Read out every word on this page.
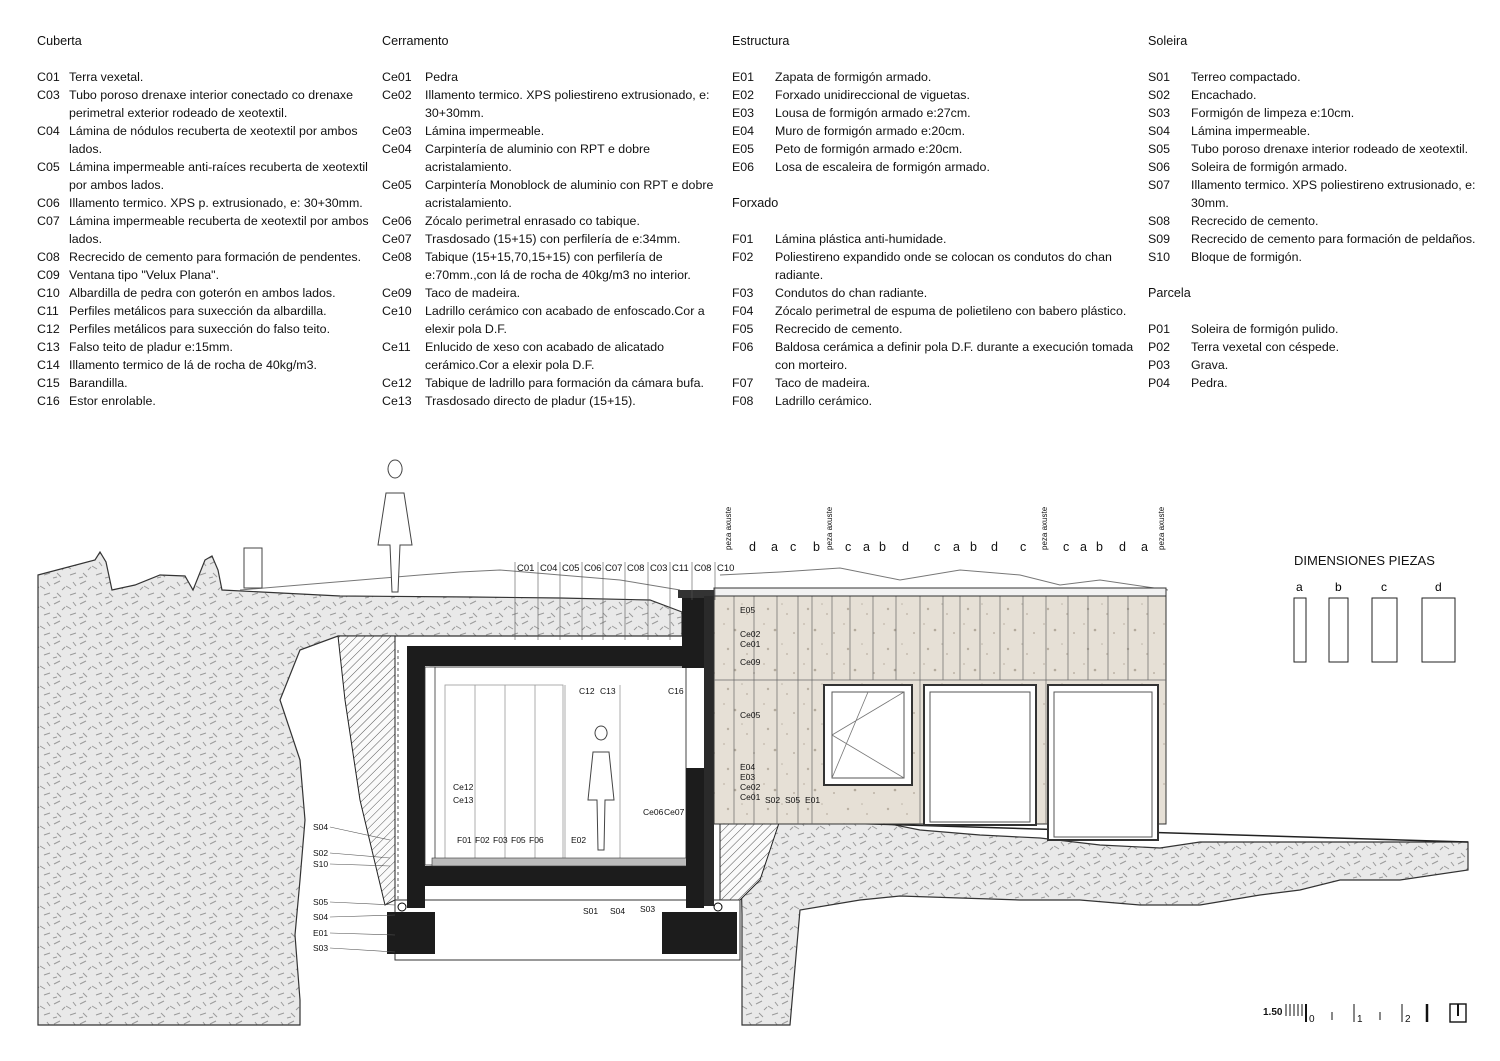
Cuberta
C01 Terra vexetal.
C03 Tubo poroso drenaxe interior conectado co drenaxe perimetral exterior rodeado de xeotextil.
C04 Lámina de nódulos recuberta de xeotextil por ambos lados.
C05 Lámina impermeable anti-raíces recuberta de xeotextil por ambos lados.
C06 Illamento termico. XPS p. extrusionado, e: 30+30mm.
C07 Lámina impermeable recuberta de xeotextil por ambos lados.
C08 Recrecido de cemento para formación de pendentes.
C09 Ventana tipo "Velux Plana".
C10 Albardilla de pedra con goterón en ambos lados.
C11 Perfiles metálicos para suxección da albardilla.
C12 Perfiles metálicos para suxección do falso teito.
C13 Falso teito de pladur e:15mm.
C14 Illamento termico de lá de rocha de 40kg/m3.
C15 Barandilla.
C16 Estor enrolable.
Cerramento
Ce01	Pedra
Ce02	Illamento termico. XPS poliestireno extrusionado, e: 30+30mm.
Ce03	Lámina impermeable.
Ce04	Carpintería de aluminio con RPT e dobre acristalamiento.
Ce05	Carpintería Monoblock de aluminio con RPT e dobre acristalamiento.
Ce06	Zócalo perimetral enrasado co tabique.
Ce07	Trasdosado (15+15) con perfilería de e:34mm.
Ce08	Tabique (15+15,70,15+15) con perfilería de e:70mm.,con lá de rocha de 40kg/m3 no interior.
Ce09	Taco de madeira.
Ce10	Ladrillo cerámico con acabado de enfoscado.Cor a elexir pola D.F.
Ce11	Enlucido de xeso con acabado de alicatado cerámico.Cor a elexir pola D.F.
Ce12	Tabique de ladrillo para formación da cámara bufa.
Ce13	Trasdosado directo de pladur (15+15).
Estructura
E01	Zapata de formigón armado.
E02	Forxado unidireccional de viguetas.
E03	Lousa de formigón armado e:27cm.
E04	Muro de formigón armado e:20cm.
E05	Peto de formigón armado e:20cm.
E06	Losa de escaleira de formigón armado.
Forxado
F01	Lámina plástica anti-humidade.
F02	Poliestireno expandido onde se colocan os condutos do chan radiante.
F03	Condutos do chan radiante.
F04	Zócalo perimetral de espuma de polietileno con babero plástico.
F05	Recrecido de cemento.
F06	Baldosa cerámica a definir pola D.F. durante a execución tomada con morteiro.
F07	Taco de madeira.
F08	Ladrillo cerámico.
Soleira
S01	Terreo compactado.
S02	Encachado.
S03	Formigón de limpeza e:10cm.
S04	Lámina impermeable.
S05	Tubo poroso drenaxe interior rodeado de xeotextil.
S06	Soleira de formigón armado.
S07	Illamento termico. XPS poliestireno extrusionado, e: 30mm.
S08	Recrecido de cemento.
S09	Recrecido de cemento para formación de peldaños.
S10	Bloque de formigón.
Parcela
P01	Soleira de formigón pulido.
P02	Terra vexetal con céspede.
P03	Grava.
P04	Pedra.
C01 C04 C05 C06 C07 C08 C03 C11 C08 C10
d a c b c a b d c a b d c	c a b d a
peza axuste	peza axuste	peza axuste	peza axuste
C12 C13	C16
Ce12
Ce13
Ce06 Ce07
F01 F02 F03 F05 F06	E02
S01 S04 S03
S04
S02
S10
S05
S04
E01
S03
E05
Ce02
Ce01
Ce09
Ce05
E04
E03
Ce02
Ce01 S02 S05 E01
DIMENSIONES PIEZAS
a	b	c	d
1.50
0	1	2
